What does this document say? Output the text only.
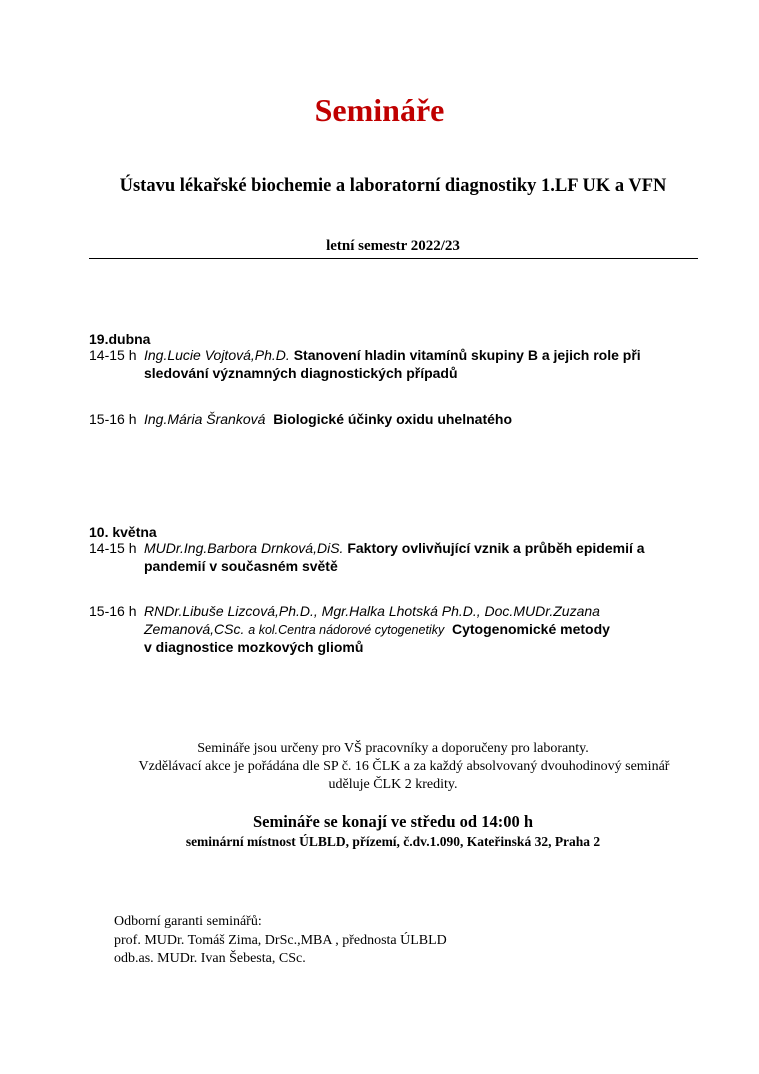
Semináře
Ústavu lékařské biochemie a laboratorní diagnostiky 1.LF UK a VFN
letní semestr 2022/23
19.dubna
14-15 h Ing.Lucie Vojtová,Ph.D. Stanovení hladin vitamínů skupiny B a jejich role při
sledování významných diagnostických případů
15-16 h Ing.Mária Šranková Biologické účinky oxidu uhelnatého
10. května
14-15 h MUDr.Ing.Barbora Drnková,DiS. Faktory ovlivňující vznik a průběh epidemií a
pandemií v současném světě
15-16 h RNDr.Libuše Lizcová,Ph.D., Mgr.Halka Lhotská Ph.D., Doc.MUDr.Zuzana
Zemanová,CSc. a kol.Centra nádorové cytogenetiky Cytogenomické metody
v diagnostice mozkových gliomů
Semináře jsou určeny pro VŠ pracovníky a doporučeny pro laboranty.
Vzdělávací akce je pořádána dle SP č. 16 ČLK a za každý absolvovaný dvouhodinový seminář
uděluje ČLK 2 kredity.
Semináře se konají ve středu od 14:00 h
seminární místnost ÚLBLD, přízemí, č.dv.1.090, Kateřinská 32, Praha 2
Odborní garanti seminářů:
prof. MUDr. Tomáš Zima, DrSc.,MBA , přednosta ÚLBLD
odb.as. MUDr. Ivan Šebesta, CSc.
